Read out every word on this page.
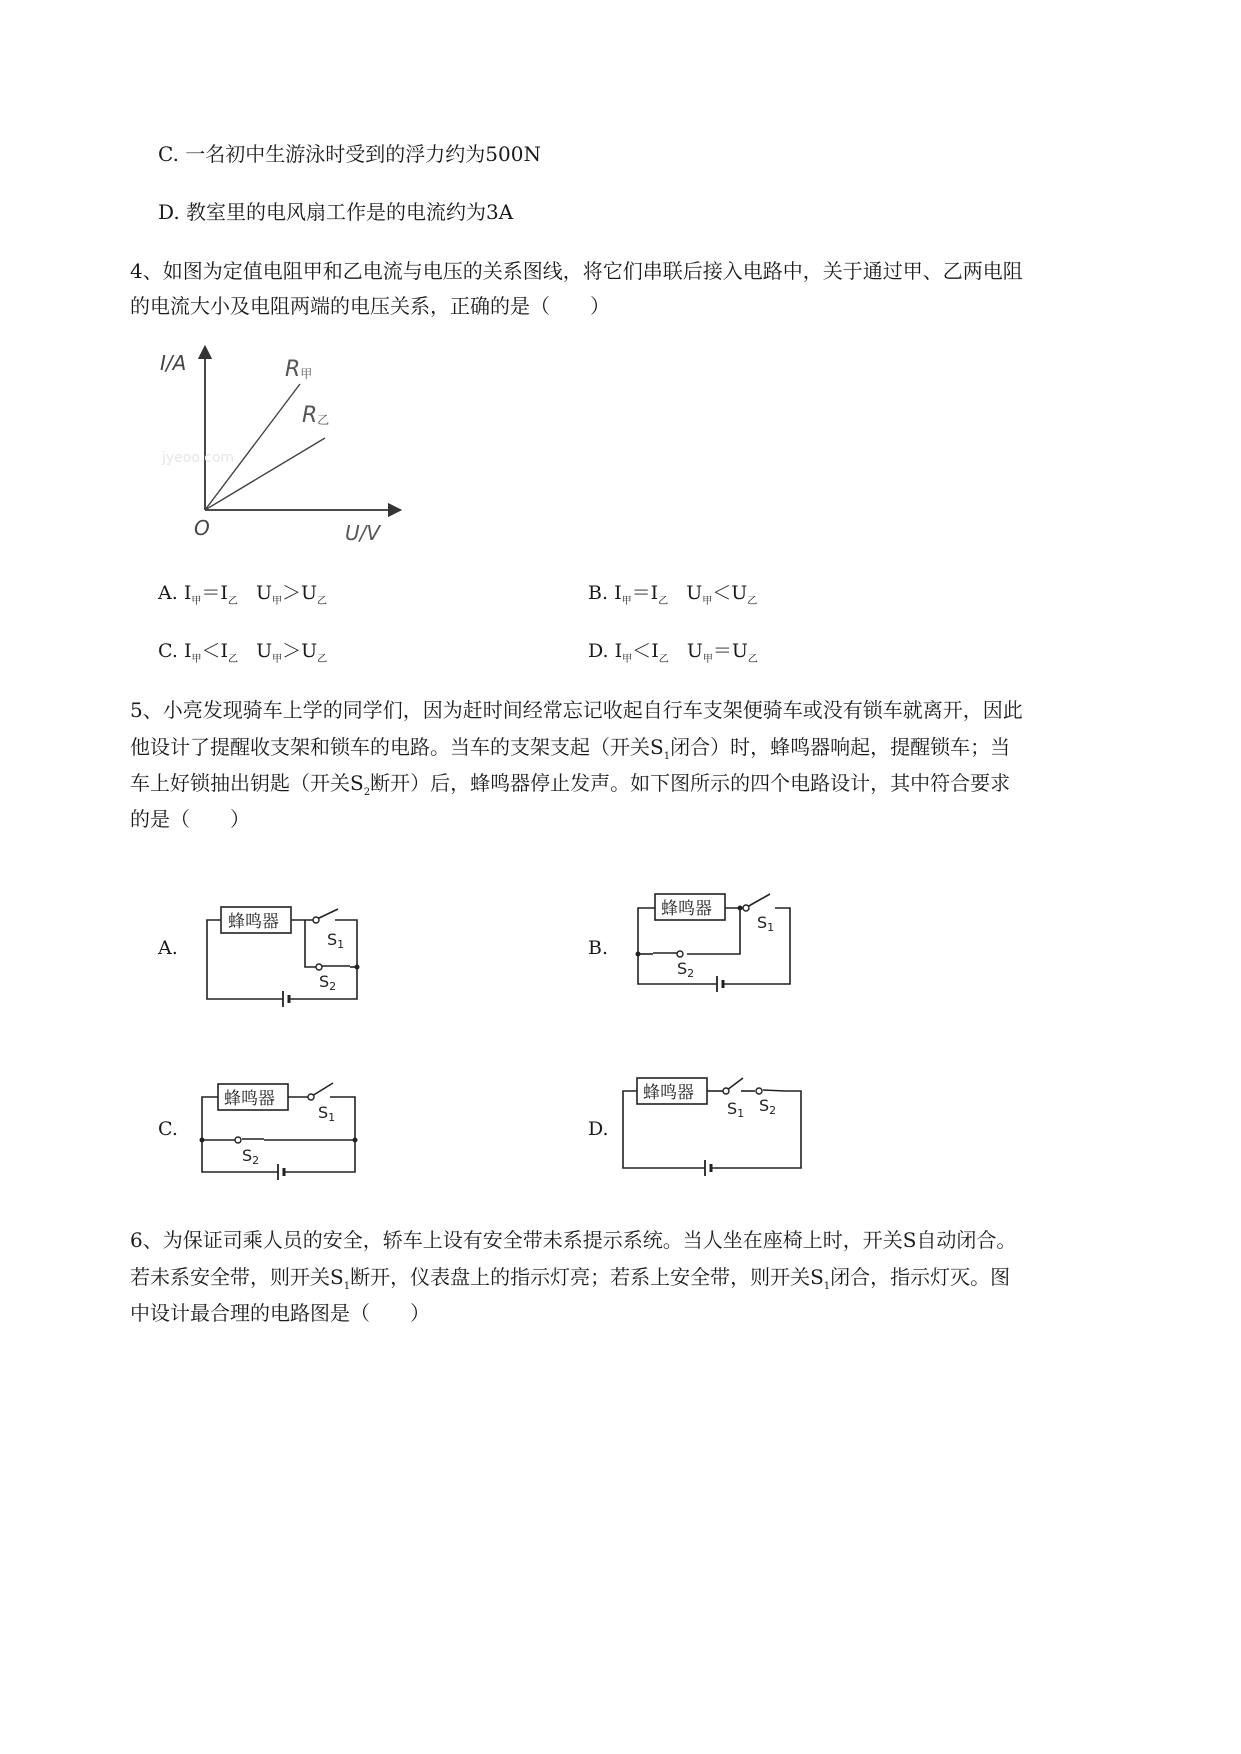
C. 一名初中生游泳时受到的浮力约为500N
D. 教室里的电风扇工作是的电流约为3A
4、如图为定值电阻甲和乙电流与电压的关系图线，将它们串联后接入电路中，关于通过甲、乙两电阻
的电流大小及电阻两端的电压关系，正确的是（　　）
I/A
U/V
O
R甲
R乙
jyeoo.com
A. $I_甲=I_乙$ $U_甲>U_乙$	B. $I_甲=I_乙$ $U_甲<U_乙$
C. $I_甲<I_乙$ $U_甲>U_乙$	D. $I_甲<I_乙$ $U_甲=U_乙$
5、小亮发现骑车上学的同学们，因为赶时间经常忘记收起自行车支架便骑车或没有锁车就离开，因此
他设计了提醒收支架和锁车的电路。当车的支架支起（开关$S_1$闭合）时，蜂鸣器响起，提醒锁车；当
车上好锁抽出钥匙（开关$S_2$断开）后，蜂鸣器停止发声。如下图所示的四个电路设计，其中符合要求
的是（　　）
A.
蜂鸣器
S1
S2
B.
蜂鸣器
S1
S2
C.
蜂鸣器
S1
S2
D.
蜂鸣器
S1 S2
6、为保证司乘人员的安全，轿车上设有安全带未系提示系统。当人坐在座椅上时，开关S自动闭合。
若未系安全带，则开关$S_1$断开，仪表盘上的指示灯亮；若系上安全带，则开关$S_1$闭合，指示灯灭。图
中设计最合理的电路图是（　　）
